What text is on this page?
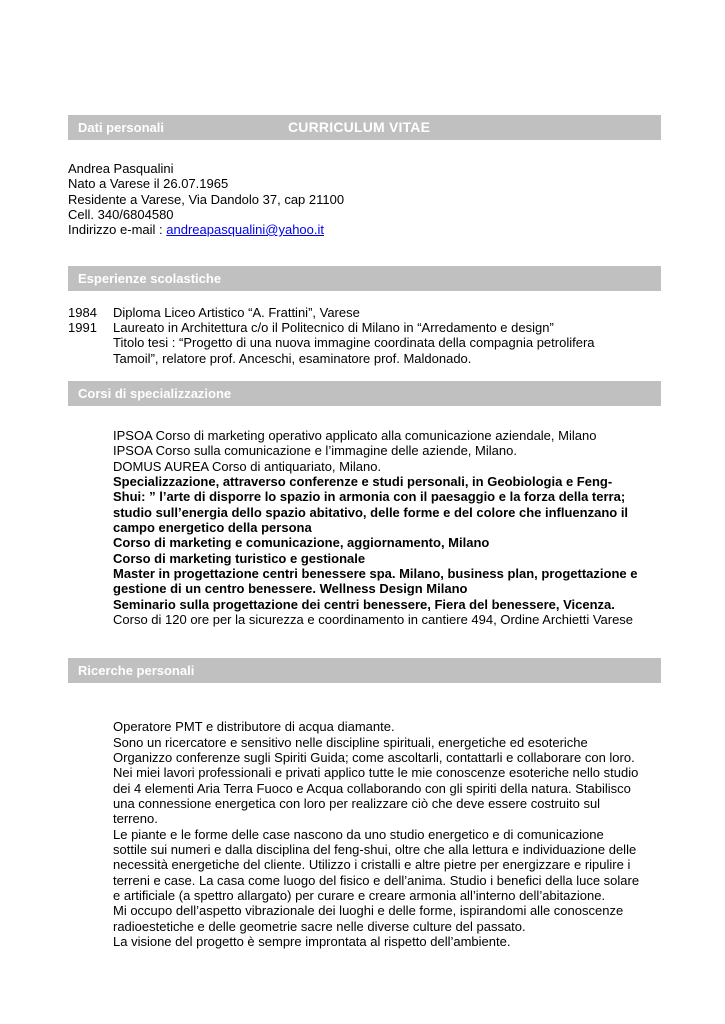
Dati personali	CURRICULUM VITAE
Andrea Pasqualini
Nato a Varese il 26.07.1965
Residente a Varese, Via Dandolo 37, cap 21100
Cell. 340/6804580
Indirizzo e-mail : andreapasqualini@yahoo.it
Esperienze scolastiche
1984 Diploma Liceo Artistico “A. Frattini”, Varese
1991 Laureato in Architettura c/o il Politecnico di Milano in “Arredamento e design”
Titolo tesi : “Progetto di una nuova immagine coordinata della compagnia petrolifera
Tamoil”, relatore prof. Anceschi, esaminatore prof. Maldonado.
Corsi di specializzazione
IPSOA Corso di marketing operativo applicato alla comunicazione aziendale, Milano
IPSOA Corso sulla comunicazione e l’immagine delle aziende, Milano.
DOMUS AUREA Corso di antiquariato, Milano.
Specializzazione, attraverso conferenze e studi personali, in Geobiologia e Feng-
Shui: ” l’arte di disporre lo spazio in armonia con il paesaggio e la forza della terra;
studio sull’energia dello spazio abitativo, delle forme e del colore che influenzano il
campo energetico della persona
Corso di marketing e comunicazione, aggiornamento, Milano
Corso di marketing turistico e gestionale
Master in progettazione centri benessere spa. Milano, business plan, progettazione e
gestione di un centro benessere. Wellness Design Milano
Seminario sulla progettazione dei centri benessere, Fiera del benessere, Vicenza.
Corso di 120 ore per la sicurezza e coordinamento in cantiere 494, Ordine Archietti Varese
Ricerche personali
Operatore PMT e distributore di acqua diamante.
Sono un ricercatore e sensitivo nelle discipline spirituali, energetiche ed esoteriche
Organizzo conferenze sugli Spiriti Guida; come ascoltarli, contattarli e collaborare con loro.
Nei miei lavori professionali e privati applico tutte le mie conoscenze esoteriche nello studio
dei 4 elementi Aria Terra Fuoco e Acqua collaborando con gli spiriti della natura. Stabilisco
una connessione energetica con loro per realizzare ciò che deve essere costruito sul
terreno.
Le piante e le forme delle case nascono da uno studio energetico e di comunicazione
sottile sui numeri e dalla disciplina del feng-shui, oltre che alla lettura e individuazione delle
necessità energetiche del cliente. Utilizzo i cristalli e altre pietre per energizzare e ripulire i
terreni e case. La casa come luogo del fisico e dell’anima. Studio i benefici della luce solare
e artificiale (a spettro allargato) per curare e creare armonia all’interno dell’abitazione.
Mi occupo dell’aspetto vibrazionale dei luoghi e delle forme, ispirandomi alle conoscenze
radioestetiche e delle geometrie sacre nelle diverse culture del passato.
La visione del progetto è sempre improntata al rispetto dell’ambiente.
